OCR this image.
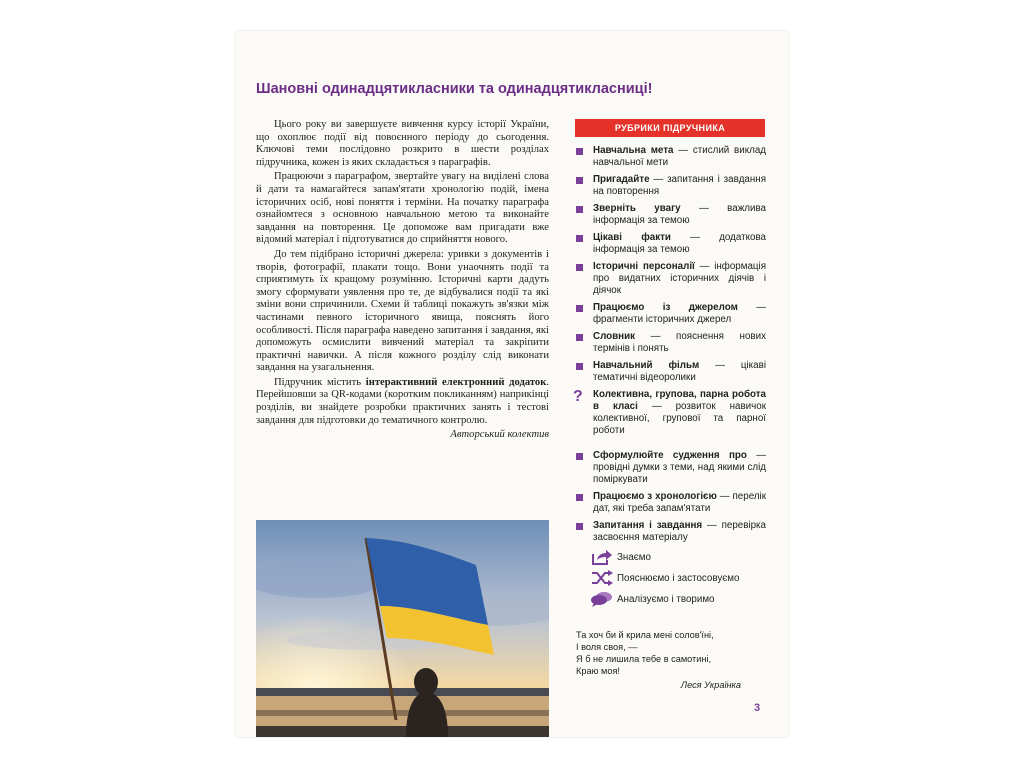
Шановні одинадцятикласники та одинадцятикласниці!

Цього року ви завершуєте вивчення курсу історії України, що охоплює події від повоєнного періоду до сьогодення. Ключові теми послідовно розкрито в шести розділах підручника, кожен із яких складається з параграфів.

Працюючи з параграфом, звертайте увагу на виділені слова й дати та намагайтеся запам'ятати хронологію подій, імена історичних осіб, нові поняття і терміни. На початку параграфа ознайомтеся з основною навчальною метою та виконайте завдання на повторення. Це допоможе вам пригадати вже відомий матеріал і підготуватися до сприйняття нового.

До тем підібрано історичні джерела: уривки з документів і творів, фотографії, плакати тощо. Вони унаочнять події та сприятимуть їх кращому розумінню. Історичні карти дадуть змогу сформувати уявлення про те, де відбувалися події та які зміни вони спричинили. Схеми й таблиці покажуть зв'язки між частинами певного історичного явища, пояснять його особливості. Після параграфа наведено запитання і завдання, які допоможуть осмислити вивчений матеріал та закріпити практичні навички. А після кожного розділу слід виконати завдання на узагальнення.

Підручник містить інтерактивний електронний додаток. Перейшовши за QR-кодами (коротким покликанням) наприкінці розділів, ви знайдете розробки практичних занять і тестові завдання для підготовки до тематичного контролю.

Авторський колектив
РУБРИКИ ПІДРУЧНИКА
Навчальна мета — стислий виклад навчальної мети
Пригадайте — запитання і завдання на повторення
Зверніть увагу — важлива інформація за темою
Цікаві факти — додаткова інформація за темою
Історичні персоналії — інформація про видатних історичних діячів і діячок
Працюємо із джерелом — фрагменти історичних джерел
Словник — пояснення нових термінів і понять
Навчальний фільм — цікаві тематичні відеоролики
? Колективна, групова, парна робота в класі — розвиток навичок колективної, групової та парної роботи
Сформулюйте судження про — провідні думки з теми, над якими слід поміркувати
Працюємо з хронологією — перелік дат, які треба запам'ятати
Запитання і завдання — перевірка засвоєння матеріалу
Знаємо
Пояснюємо і застосовуємо
Аналізуємо і творимо
Та хоч би й крила мені солов'їні,
І воля своя, —
Я б не лишила тебе в самотині,
Краю моя!
Леся Українка
3
